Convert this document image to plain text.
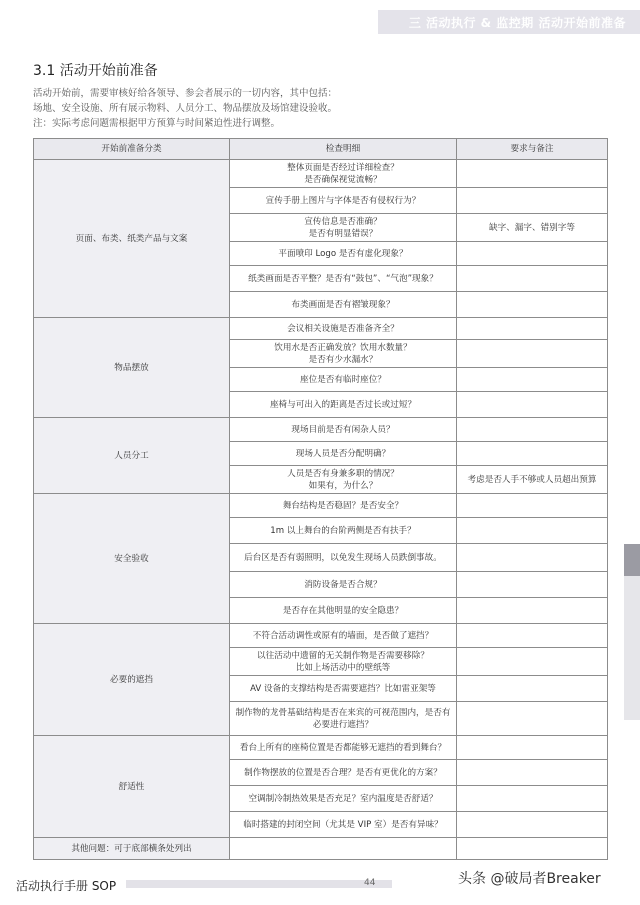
三 活动执行 & 监控期 活动开始前准备
3.1 活动开始前准备

活动开始前，需要审核好给各领导、参会者展示的一切内容，其中包括：

场地、安全设施、所有展示物料、人员分工、物品摆放及场馆建设验收。

注：实际考虑问题需根据甲方预算与时间紧迫性进行调整。

开始前准备分类	检查明细	要求与备注
页面、布类、纸类产品与文案	整体页面是否经过详细检查？
是否确保视觉流畅？	

	宣传手册上图片与字体是否有侵权行为？	

	宣传信息是否准确？
是否有明显错误？	缺字、漏字、错别字等

	平面喷印 Logo 是否有虚化现象？	

	纸类画面是否平整？是否有“鼓包”、“气泡”现象？	

	布类画面是否有褶皱现象？	

物品摆放	会议相关设施是否准备齐全？	

	饮用水是否正确发放？饮用水数量？
是否有少水漏水？	

	座位是否有临时座位？	

	座椅与可出入的距离是否过长或过短？	

人员分工	现场目前是否有闲杂人员？	

	现场人员是否分配明确？	

	人员是否有身兼多职的情况？
如果有，为什么？	考虑是否人手不够或人员超出预算
安全验收	舞台结构是否稳固？是否安全？	

	1m 以上舞台的台阶两侧是否有扶手？	

	后台区是否有弱照明，以免发生现场人员跌倒事故。	

	消防设备是否合规？	

	是否存在其他明显的安全隐患？	

必要的遮挡	不符合活动调性或原有的墙面，是否做了遮挡？	

	以往活动中遗留的无关制作物是否需要移除？
比如上场活动中的壁纸等	

	AV 设备的支撑结构是否需要遮挡？比如雷亚架等	

	制作物的龙骨基础结构是否在来宾的可视范围内，是否有
必要进行遮挡？	

舒适性	看台上所有的座椅位置是否都能够无遮挡的看到舞台？	

	制作物摆放的位置是否合理？是否有更优化的方案？	

	空调制冷制热效果是否充足？室内温度是否舒适？	

	临时搭建的封闭空间（尤其是 VIP 室）是否有异味？	

其他问题：可于底部横条处列出		
活动执行手册 SOP	44	头条 @破局者Breaker
